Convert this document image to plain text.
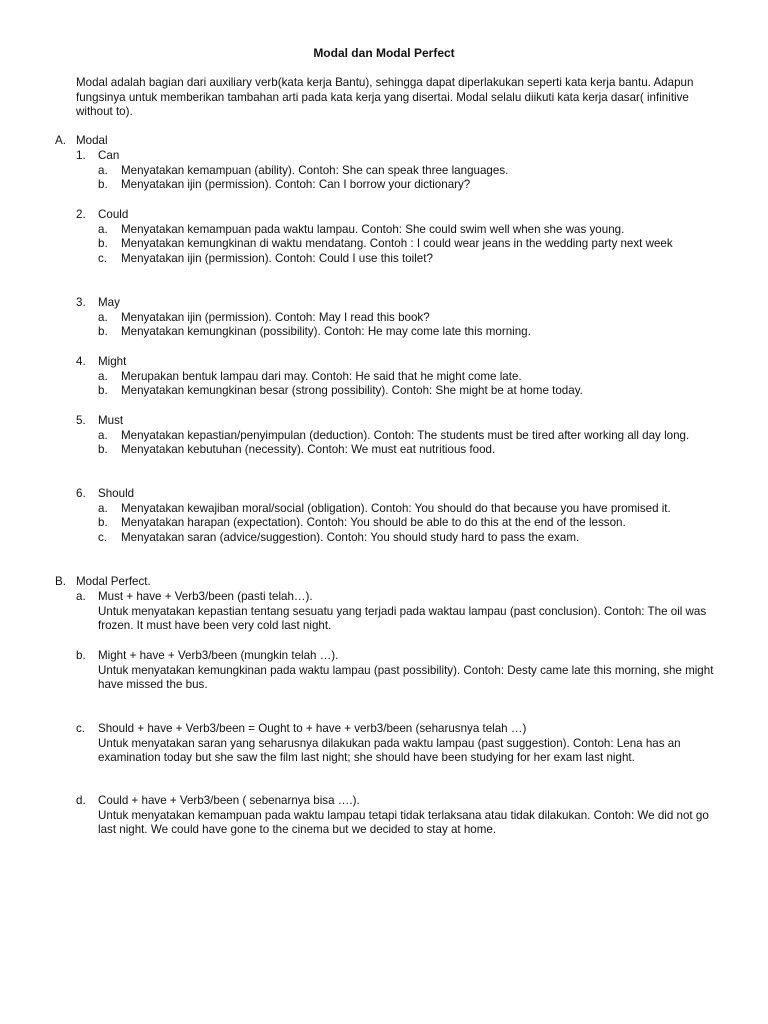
Modal dan Modal Perfect
Modal adalah bagian dari auxiliary verb(kata kerja Bantu), sehingga dapat diperlakukan seperti kata kerja bantu. Adapun fungsinya untuk memberikan tambahan arti pada kata kerja yang disertai. Modal selalu diikuti kata kerja dasar( infinitive without to).
A. Modal
1. Can
a. Menyatakan kemampuan (ability). Contoh: She can speak three languages.
b. Menyatakan ijin (permission). Contoh: Can I borrow your dictionary?
2. Could
a. Menyatakan kemampuan pada waktu lampau. Contoh: She could swim well when she was young.
b. Menyatakan kemungkinan di waktu mendatang. Contoh : I could wear jeans in the wedding party next week
c. Menyatakan ijin (permission). Contoh: Could I use this toilet?
3. May
a. Menyatakan ijin (permission). Contoh: May I read this book?
b. Menyatakan kemungkinan (possibility). Contoh: He may come late this morning.
4. Might
a. Merupakan bentuk lampau dari may. Contoh: He said that he might come late.
b. Menyatakan kemungkinan besar (strong possibility). Contoh: She might be at home today.
5. Must
a. Menyatakan kepastian/penyimpulan (deduction). Contoh: The students must be tired after working all day long.
b. Menyatakan kebutuhan (necessity). Contoh: We must eat nutritious food.
6. Should
a. Menyatakan kewajiban moral/social (obligation). Contoh: You should do that because you have promised it.
b. Menyatakan harapan (expectation). Contoh: You should be able to do this at the end of the lesson.
c. Menyatakan saran (advice/suggestion). Contoh: You should study hard to pass the exam.
B. Modal Perfect.
a. Must + have + Verb3/been (pasti telah…).
Untuk menyatakan kepastian tentang sesuatu yang terjadi pada waktau lampau (past conclusion). Contoh: The oil was frozen. It must have been very cold last night.
b. Might + have + Verb3/been (mungkin telah …).
Untuk menyatakan kemungkinan pada waktu lampau (past possibility). Contoh: Desty came late this morning, she might have missed the bus.
c. Should + have + Verb3/been = Ought to + have + verb3/been (seharusnya telah …)
Untuk menyatakan saran yang seharusnya dilakukan pada waktu lampau (past suggestion). Contoh: Lena has an examination today but she saw the film last night; she should have been studying for her exam last night.
d. Could + have + Verb3/been ( sebenarnya bisa ….).
Untuk menyatakan kemampuan pada waktu lampau tetapi tidak terlaksana atau tidak dilakukan. Contoh: We did not go last night. We could have gone to the cinema but we decided to stay at home.
